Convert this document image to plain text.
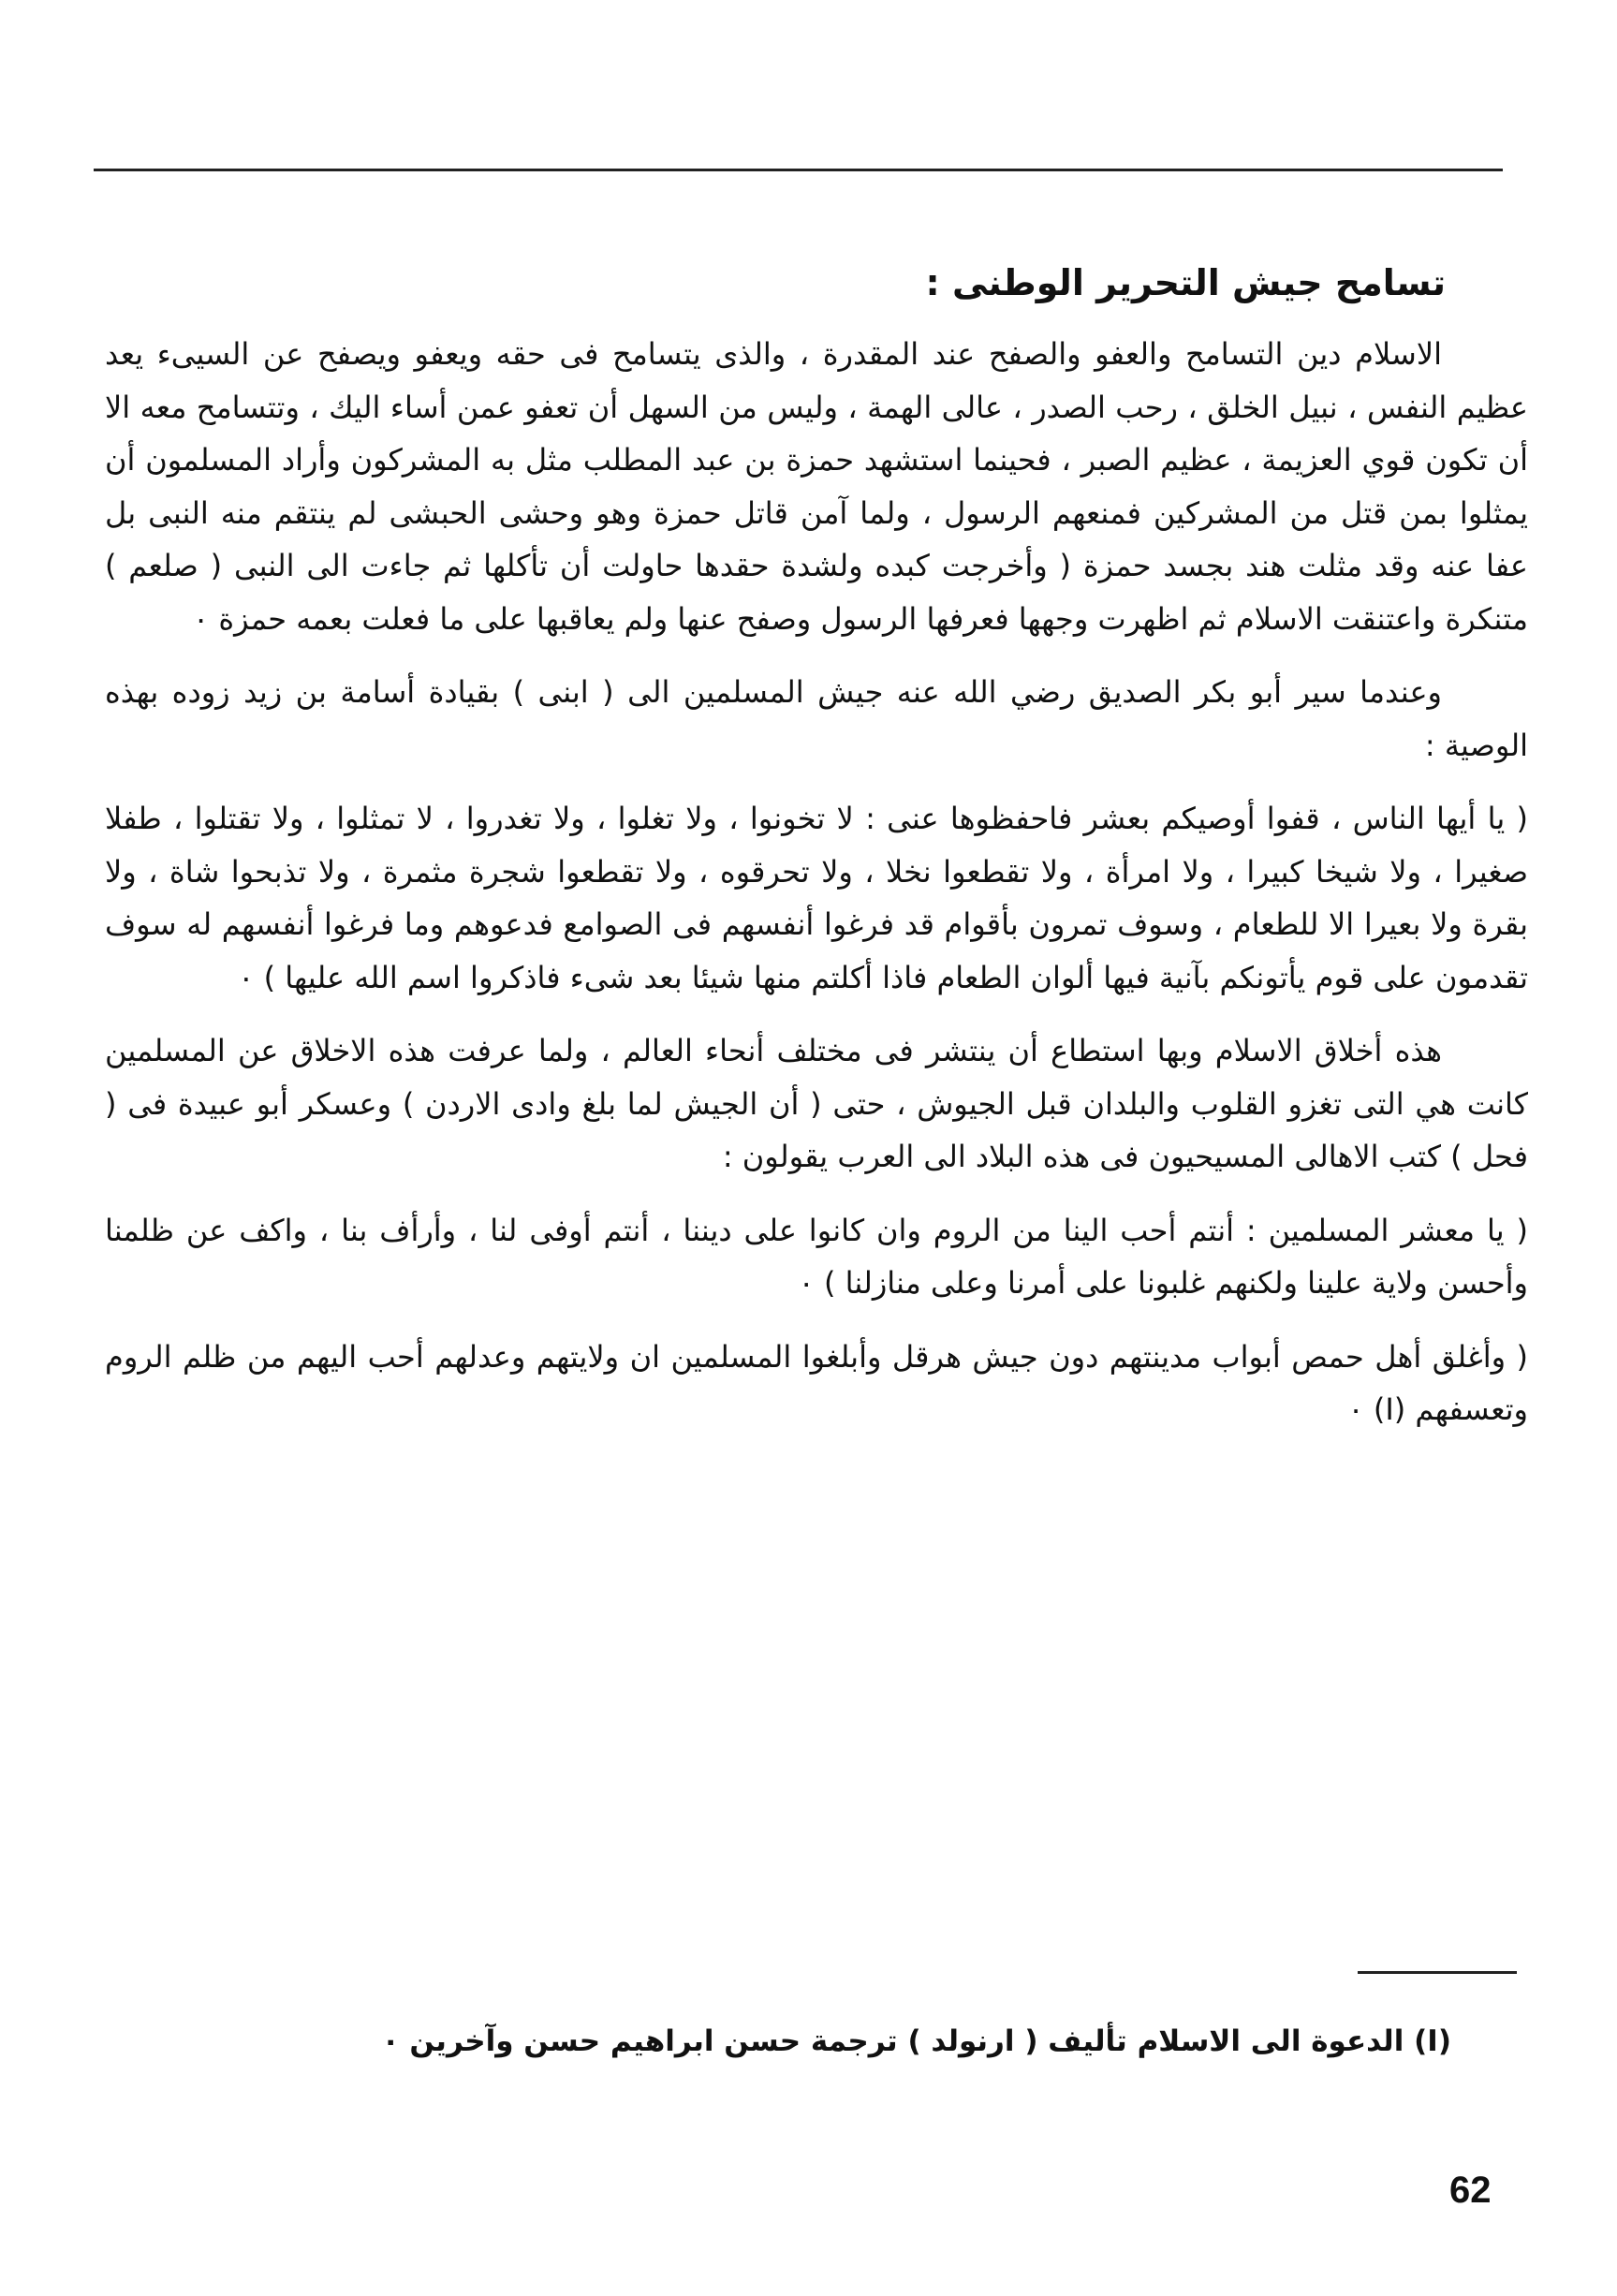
تسامح جيش التحرير الوطنى :

الاسلام دين التسامح والعفو والصفح عند المقدرة ، والذى يتسامح فى حقه ويعفو ويصفح عن السيىء يعد عظيم النفس ، نبيل الخلق ، رحب الصدر ، عالى الهمة ، وليس من السهل أن تعفو عمن أساء اليك ، وتتسامح معه الا أن تكون قوي العزيمة ، عظيم الصبر ، فحينما استشهد حمزة بن عبد المطلب مثل به المشركون وأراد المسلمون أن يمثلوا بمن قتل من المشركين فمنعهم الرسول ، ولما آمن قاتل حمزة وهو وحشى الحبشى لم ينتقم منه النبى بل عفا عنه وقد مثلت هند بجسد حمزة ( وأخرجت كبده ولشدة حقدها حاولت أن تأكلها ثم جاءت الى النبى ( صلعم ) متنكرة واعتنقت الاسلام ثم اظهرت وجهها فعرفها الرسول وصفح عنها ولم يعاقبها على ما فعلت بعمه حمزة ٠

وعندما سير أبو بكر الصديق رضي الله عنه جيش المسلمين الى ( ابنى ) بقيادة أسامة بن زيد زوده بهذه الوصية :

( يا أيها الناس ، قفوا أوصيكم بعشر فاحفظوها عنى : لا تخونوا ، ولا تغلوا ، ولا تغدروا ، لا تمثلوا ، ولا تقتلوا ، طفلا صغيرا ، ولا شيخا كبيرا ، ولا امرأة ، ولا تقطعوا نخلا ، ولا تحرقوه ، ولا تقطعوا شجرة مثمرة ، ولا تذبحوا شاة ، ولا بقرة ولا بعيرا الا للطعام ، وسوف تمرون بأقوام قد فرغوا أنفسهم فى الصوامع فدعوهم وما فرغوا أنفسهم له سوف تقدمون على قوم يأتونكم بآنية فيها ألوان الطعام فاذا أكلتم منها شيئا بعد شىء فاذكروا اسم الله عليها ) ٠

هذه أخلاق الاسلام وبها استطاع أن ينتشر فى مختلف أنحاء العالم ، ولما عرفت هذه الاخلاق عن المسلمين كانت هي التى تغزو القلوب والبلدان قبل الجيوش ، حتى ( أن الجيش لما بلغ وادى الاردن ) وعسكر أبو عبيدة فى ( فحل ) كتب الاهالى المسيحيون فى هذه البلاد الى العرب يقولون :

( يا معشر المسلمين : أنتم أحب الينا من الروم وان كانوا على ديننا ، أنتم أوفى لنا ، وأرأف بنا ، واكف عن ظلمنا وأحسن ولاية علينا ولكنهم غلبونا على أمرنا وعلى منازلنا ) ٠

( وأغلق أهل حمص أبواب مدينتهم دون جيش هرقل وأبلغوا المسلمين ان ولايتهم وعدلهم أحب اليهم من ظلم الروم وتعسفهم (I) ٠

(I) الدعوة الى الاسلام تأليف ( ارنولد ) ترجمة حسن ابراهيم حسن وآخرين ٠
62
